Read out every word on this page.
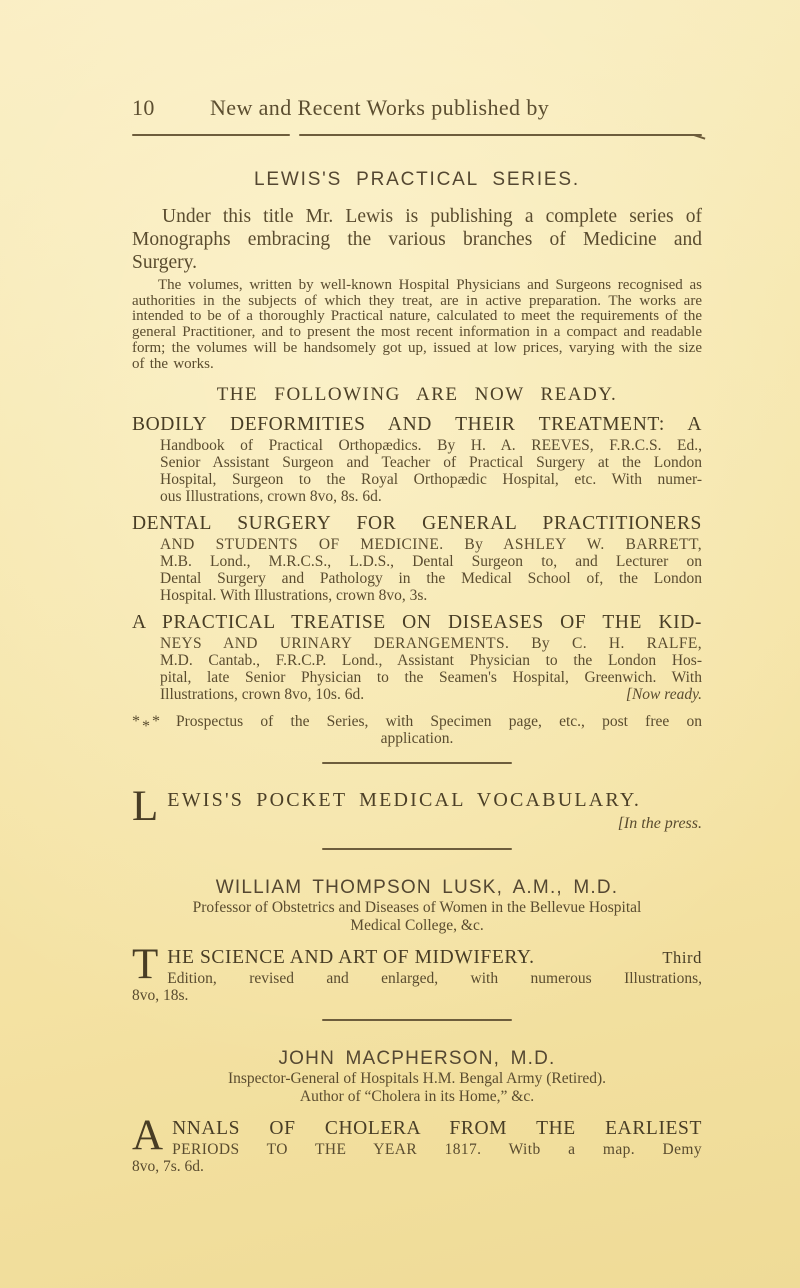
10	New and Recent Works published by
LEWIS'S PRACTICAL SERIES.

Under this title Mr. Lewis is publishing a complete series of Monographs embracing the various branches of Medicine and Surgery.

The volumes, written by well-known Hospital Physicians and Surgeons recognised as authorities in the subjects of which they treat, are in active preparation. The works are intended to be of a thoroughly Practical nature, calculated to meet the requirements of the general Practitioner, and to present the most recent information in a compact and readable form; the volumes will be handsomely got up, issued at low prices, varying with the size of the works.

THE FOLLOWING ARE NOW READY.
BODILY DEFORMITIES AND THEIR TREATMENT: A
Handbook of Practical Orthopædics. By H. A. REEVES, F.R.C.S. Ed.,
Senior Assistant Surgeon and Teacher of Practical Surgery at the London
Hospital, Surgeon to the Royal Orthopædic Hospital, etc. With numer-
ous Illustrations, crown 8vo, 8s. 6d.
DENTAL SURGERY FOR GENERAL PRACTITIONERS
AND STUDENTS OF MEDICINE. By ASHLEY W. BARRETT,
M.B. Lond., M.R.C.S., L.D.S., Dental Surgeon to, and Lecturer on
Dental Surgery and Pathology in the Medical School of, the London
Hospital. With Illustrations, crown 8vo, 3s.
A PRACTICAL TREATISE ON DISEASES OF THE KID-
NEYS AND URINARY DERANGEMENTS. By C. H. RALFE,
M.D. Cantab., F.R.C.P. Lond., Assistant Physician to the London Hos-
pital, late Senior Physician to the Seamen's Hospital, Greenwich. With
Illustrations, crown 8vo, 10s. 6d.	[Now ready.
*** Prospectus of the Series, with Specimen page, etc., post free on
application.
L EWIS'S POCKET MEDICAL VOCABULARY.
[In the press.
WILLIAM THOMPSON LUSK, A.M., M.D.
Professor of Obstetrics and Diseases of Women in the Bellevue Hospital
Medical College, &c.
T HE SCIENCE AND ART OF MIDWIFERY.	Third
Edition, revised and enlarged, with numerous Illustrations,
8vo, 18s.
JOHN MACPHERSON, M.D.
Inspector-General of Hospitals H.M. Bengal Army (Retired).
Author of “Cholera in its Home,” &c.
A NNALS OF CHOLERA FROM THE EARLIEST
PERIODS TO THE YEAR 1817. Witb a map. Demy
8vo, 7s. 6d.
